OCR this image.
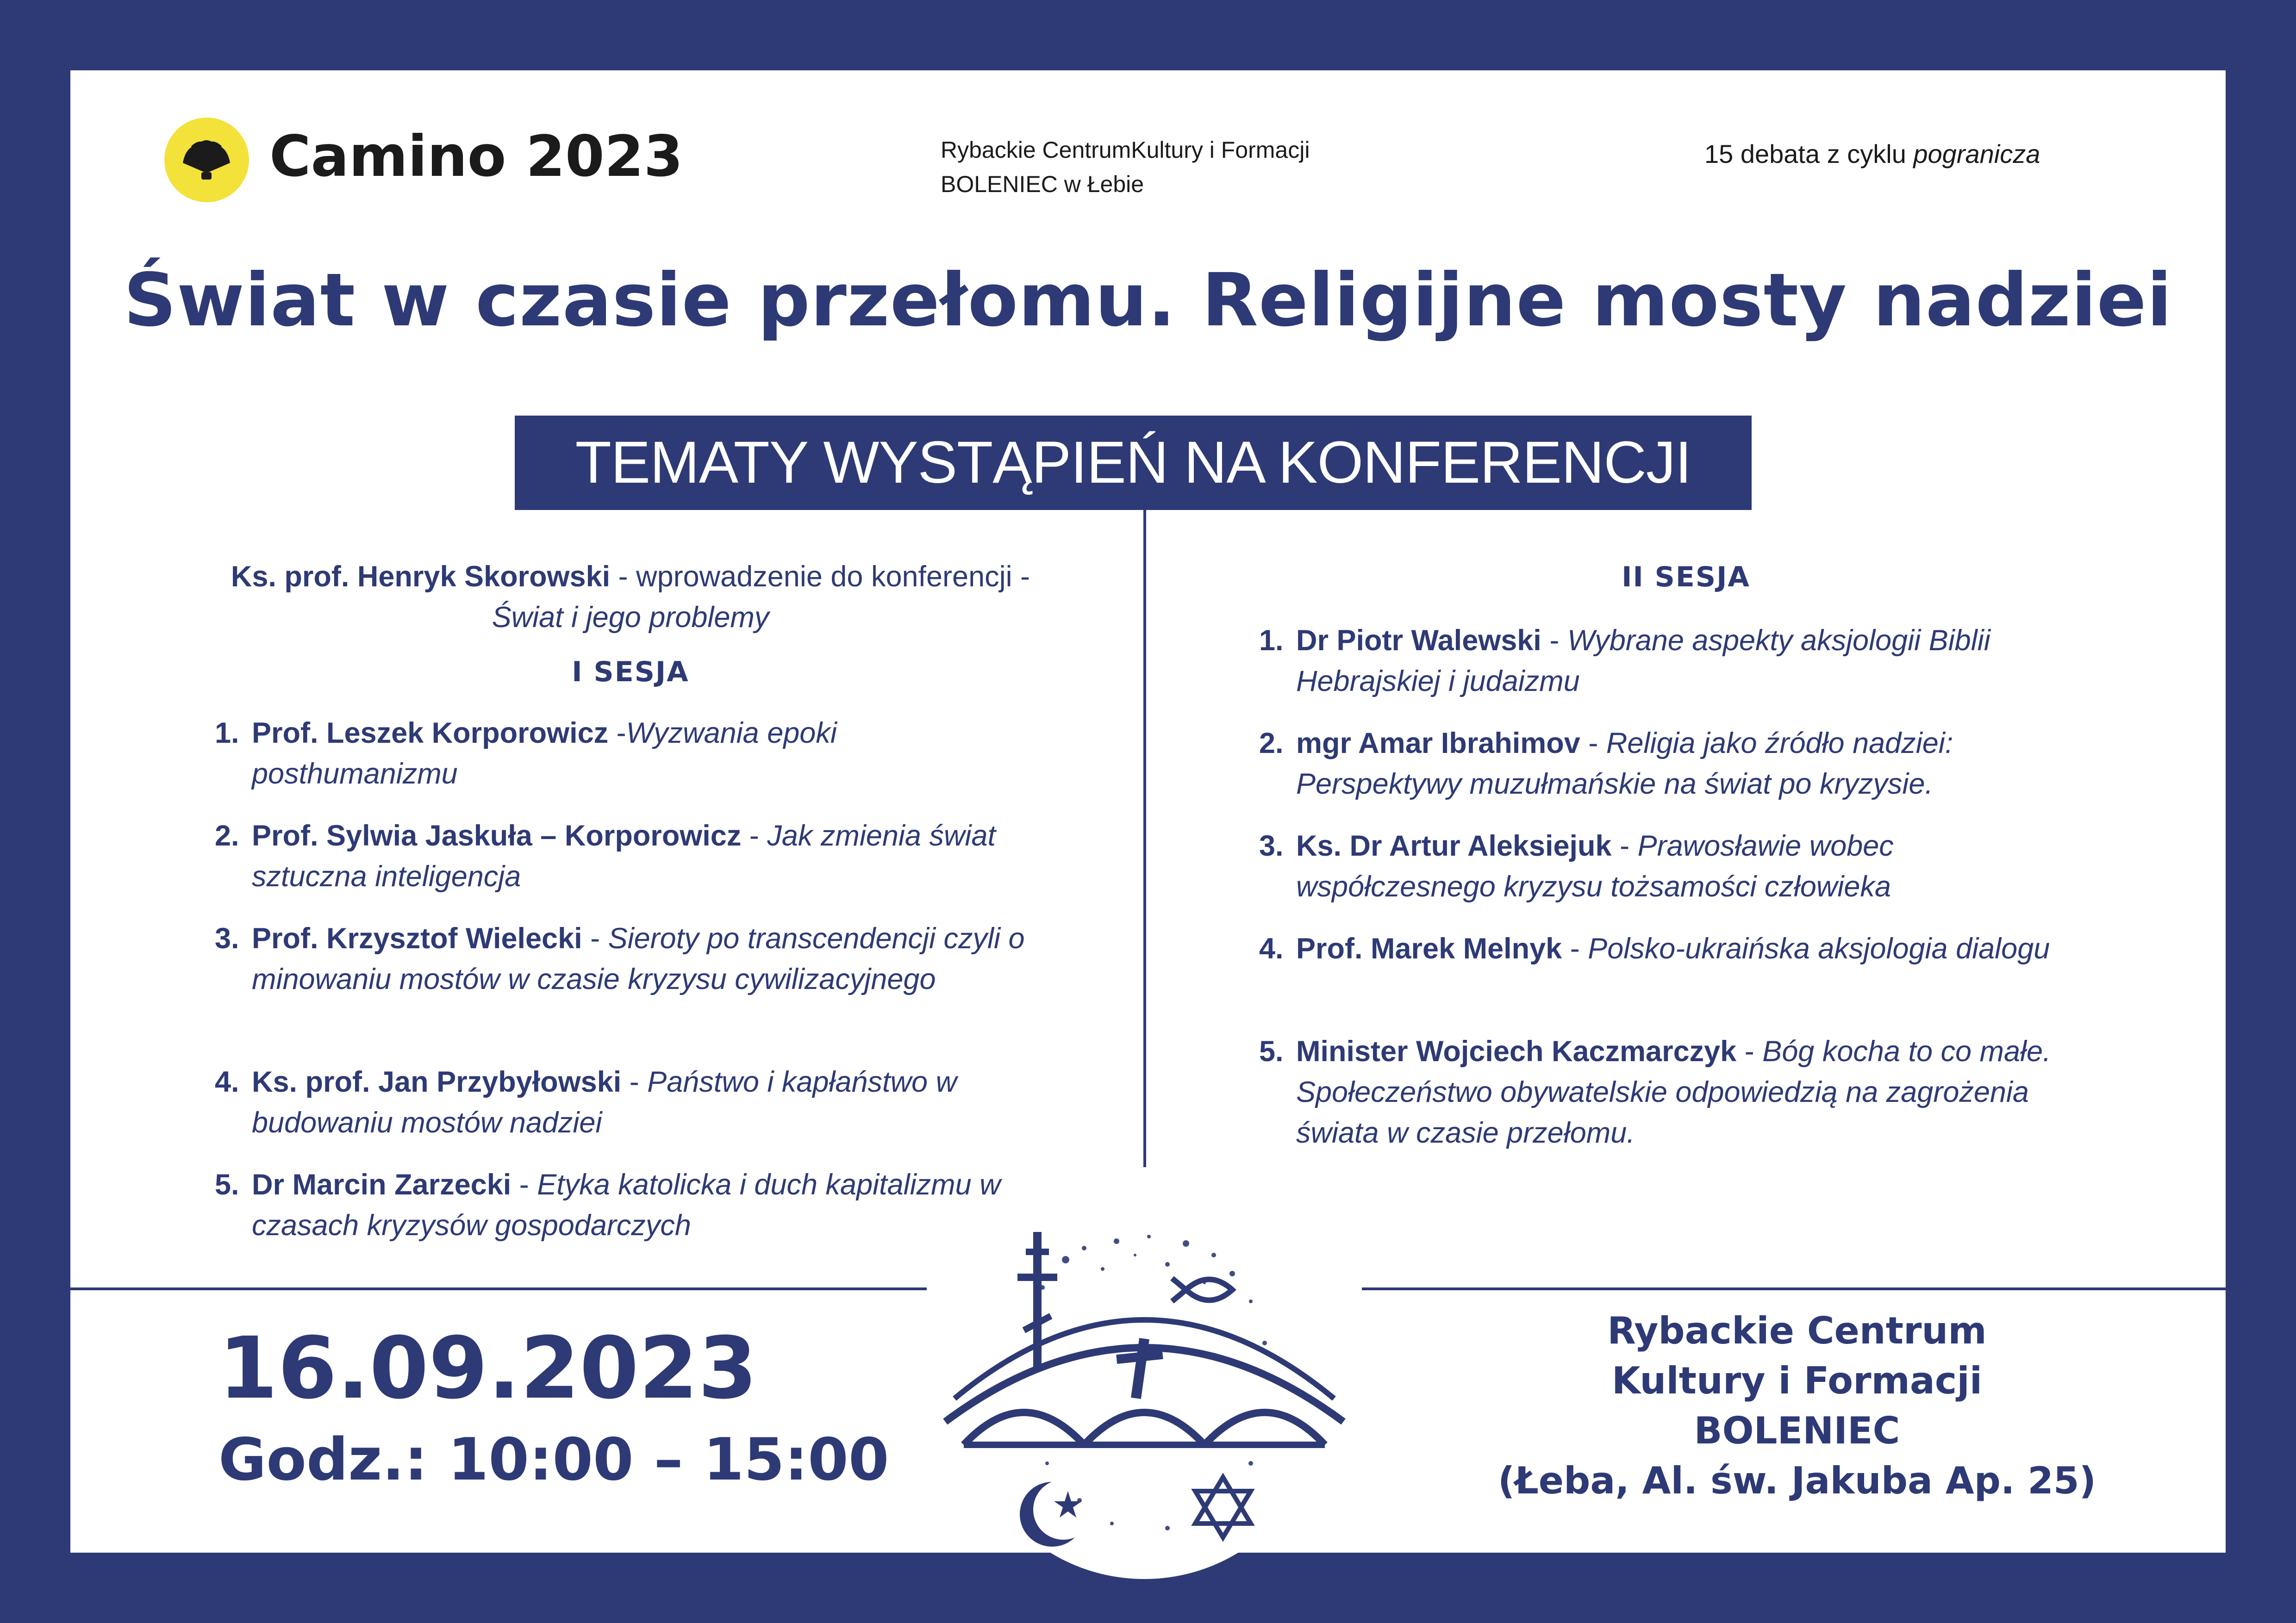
Camino 2023	Rybackie CentrumKultury i Formacji
BOLENIEC w Łebie
15 debata z cyklu pogranicza
Świat w czasie przełomu. Religijne mosty nadziei
TEMATY WYSTĄPIEŃ NA KONFERENCJI
Ks. prof. Henryk Skorowski - wprowadzenie do konferencji - Świat i jego problemy
I SESJA
II SESJA
1. Prof. Leszek Korporowicz -Wyzwania epoki posthumanizmu
2. Prof. Sylwia Jaskuła – Korporowicz - Jak zmienia świat sztuczna inteligencja
3. Prof. Krzysztof Wielecki - Sieroty po transcendencji czyli o minowaniu mostów w czasie kryzysu cywilizacyjnego
4. Ks. prof. Jan Przybyłowski - Państwo i kapłaństwo w budowaniu mostów nadziei
5. Dr Marcin Zarzecki - Etyka katolicka i duch kapitalizmu w czasach kryzysów gospodarczych
1. Dr Piotr Walewski - Wybrane aspekty aksjologii Biblii Hebrajskiej i judaizmu
2. mgr Amar Ibrahimov - Religia jako źródło nadziei: Perspektywy muzułmańskie na świat po kryzysie.
3. Ks. Dr Artur Aleksiejuk - Prawosławie wobec współczesnego kryzysu tożsamości człowieka
4. Prof. Marek Melnyk - Polsko-ukraińska aksjologia dialogu
5. Minister Wojciech Kaczmarczyk - Bóg kocha to co małe. Społeczeństwo obywatelskie odpowiedzią na zagrożenia świata w czasie przełomu.
16.09.2023
Godz.: 10:00 – 15:00
Rybackie Centrum
Kultury i Formacji
BOLENIEC
(Łeba, Al. św. Jakuba Ap. 25)
